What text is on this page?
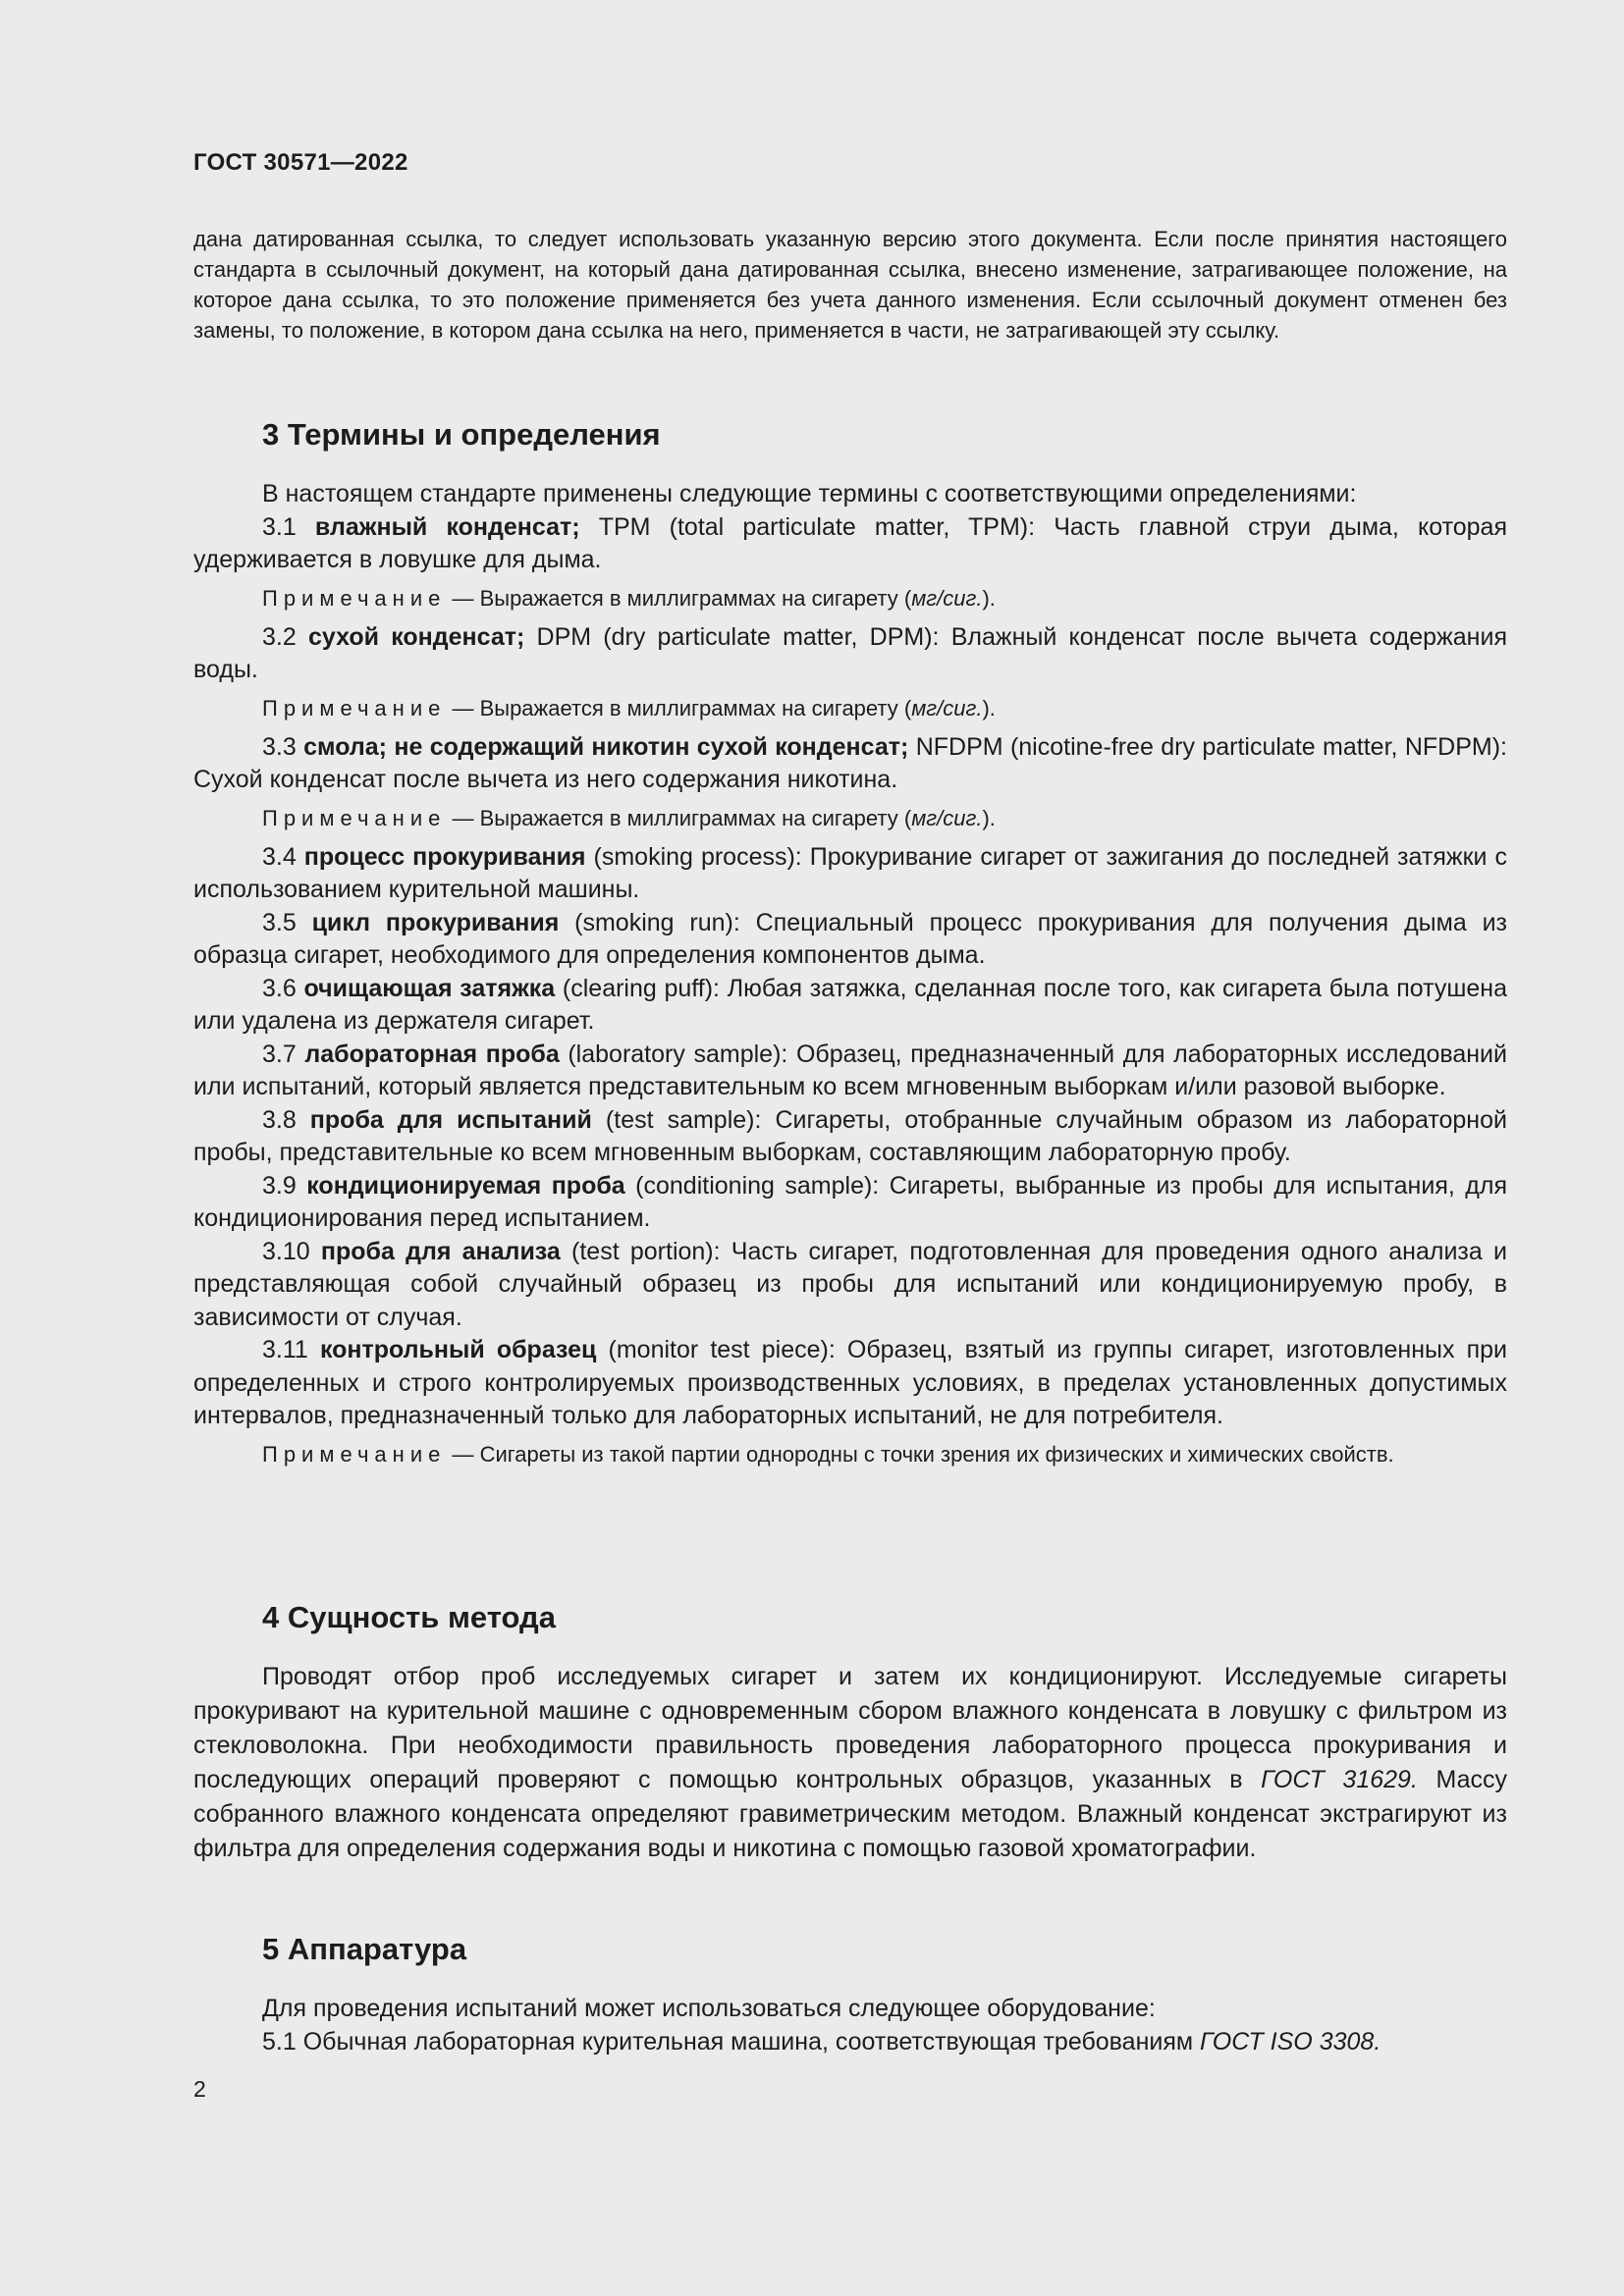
ГОСТ 30571—2022

дана датированная ссылка, то следует использовать указанную версию этого документа. Если после принятия настоящего стандарта в ссылочный документ, на который дана датированная ссылка, внесено изменение, затрагивающее положение, на которое дана ссылка, то это положение применяется без учета данного изменения. Если ссылочный документ отменен без замены, то положение, в котором дана ссылка на него, применяется в части, не затрагивающей эту ссылку.

3 Термины и определения

В настоящем стандарте применены следующие термины с соответствующими определениями:

3.1 влажный конденсат; TPM (total particulate matter, TPM): Часть главной струи дыма, которая удерживается в ловушке для дыма.

Примечание — Выражается в миллиграммах на сигарету (мг/сиг.).

3.2 сухой конденсат; DPM (dry particulate matter, DPM): Влажный конденсат после вычета содержания воды.

Примечание — Выражается в миллиграммах на сигарету (мг/сиг.).

3.3 смола; не содержащий никотин сухой конденсат; NFDPM (nicotine-free dry particulate matter, NFDPM): Сухой конденсат после вычета из него содержания никотина.

Примечание — Выражается в миллиграммах на сигарету (мг/сиг.).

3.4 процесс прокуривания (smoking process): Прокуривание сигарет от зажигания до последней затяжки с использованием курительной машины.

3.5 цикл прокуривания (smoking run): Специальный процесс прокуривания для получения дыма из образца сигарет, необходимого для определения компонентов дыма.

3.6 очищающая затяжка (clearing puff): Любая затяжка, сделанная после того, как сигарета была потушена или удалена из держателя сигарет.

3.7 лабораторная проба (laboratory sample): Образец, предназначенный для лабораторных исследований или испытаний, который является представительным ко всем мгновенным выборкам и/или разовой выборке.

3.8 проба для испытаний (test sample): Сигареты, отобранные случайным образом из лабораторной пробы, представительные ко всем мгновенным выборкам, составляющим лабораторную пробу.

3.9 кондиционируемая проба (conditioning sample): Сигареты, выбранные из пробы для испытания, для кондиционирования перед испытанием.

3.10 проба для анализа (test portion): Часть сигарет, подготовленная для проведения одного анализа и представляющая собой случайный образец из пробы для испытаний или кондиционируемую пробу, в зависимости от случая.

3.11 контрольный образец (monitor test piece): Образец, взятый из группы сигарет, изготовленных при определенных и строго контролируемых производственных условиях, в пределах установленных допустимых интервалов, предназначенный только для лабораторных испытаний, не для потребителя.

Примечание — Сигареты из такой партии однородны с точки зрения их физических и химических свойств.

4 Сущность метода

Проводят отбор проб исследуемых сигарет и затем их кондиционируют. Исследуемые сигареты прокуривают на курительной машине с одновременным сбором влажного конденсата в ловушку с фильтром из стекловолокна. При необходимости правильность проведения лабораторного процесса прокуривания и последующих операций проверяют с помощью контрольных образцов, указанных в ГОСТ 31629. Массу собранного влажного конденсата определяют гравиметрическим методом. Влажный конденсат экстрагируют из фильтра для определения содержания воды и никотина с помощью газовой хроматографии.

5 Аппаратура

Для проведения испытаний может использоваться следующее оборудование:

5.1 Обычная лабораторная курительная машина, соответствующая требованиям ГОСТ ISO 3308.

2
